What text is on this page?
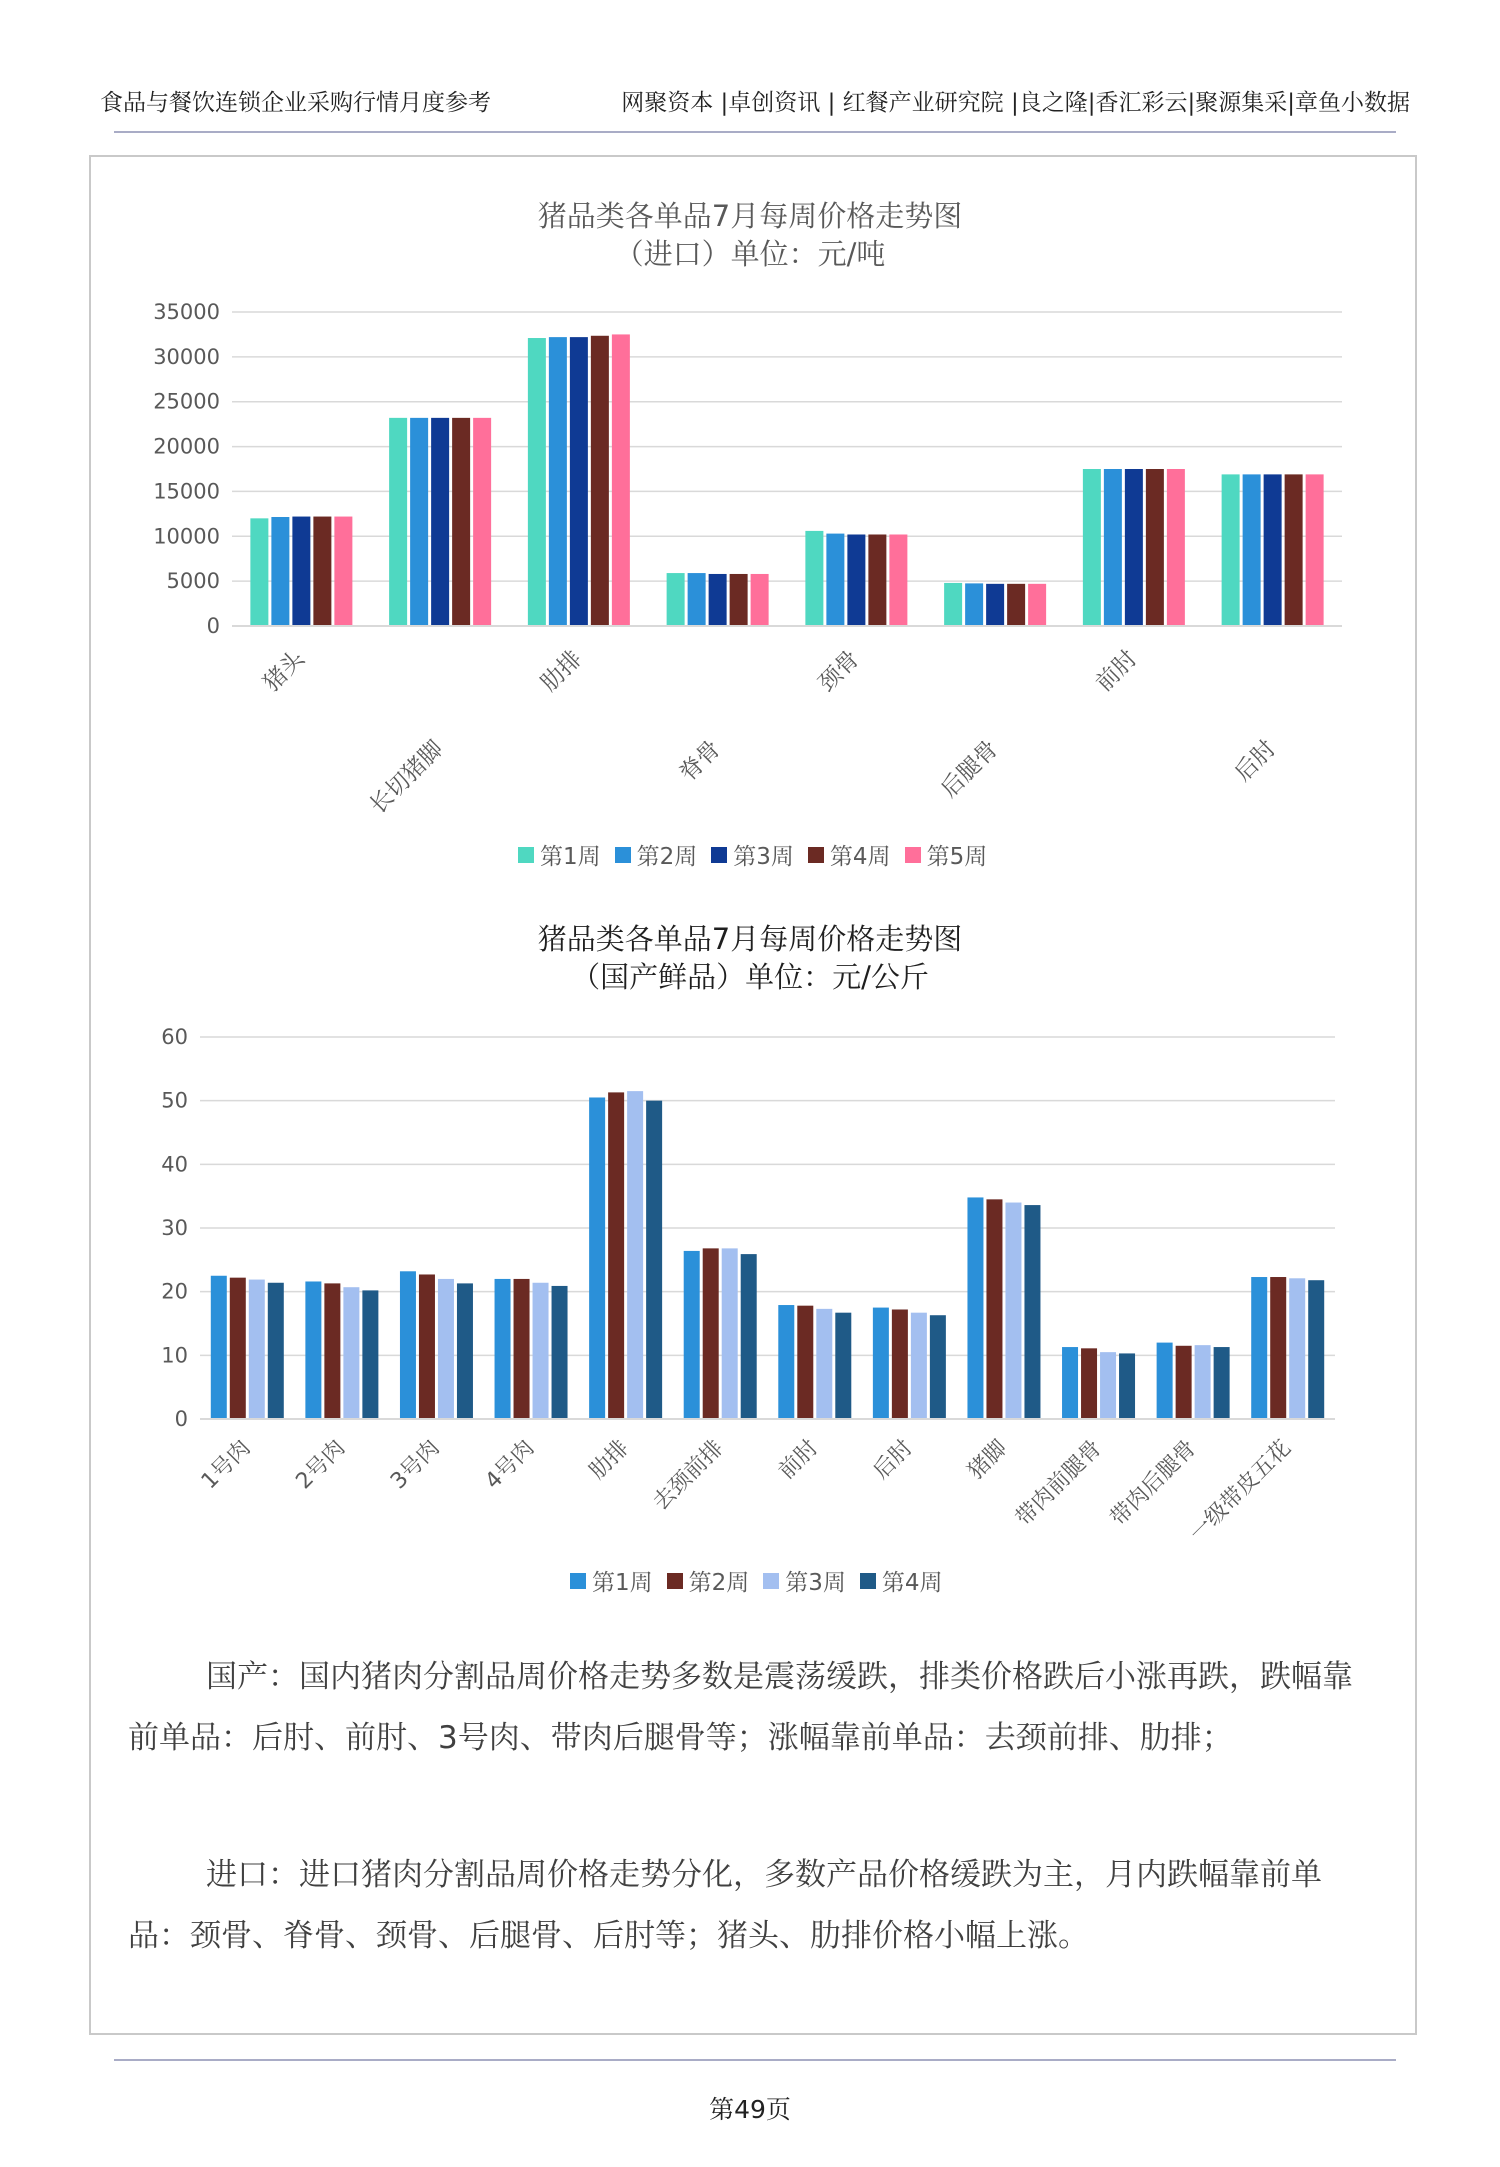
食品与餐饮连锁企业采购行情月度参考	网聚资本 |卓创资讯 | 红餐产业研究院 |良之隆|香汇彩云|聚源集采|章鱼小数据
猪品类各单品7月每周价格走势图
（进口）单位：元/吨
0
5000
10000
15000
20000
25000
30000
35000
猪头
长切猪脚
肋排
脊骨
颈骨
后腿骨
前肘
后肘
第1周 第2周 第3周 第4周 第5周
猪品类各单品7月每周价格走势图
（国产鲜品）单位：元/公斤
0
10
20
30
40
50
60
1号肉 2号肉 3号肉 4号肉 肋排 去颈前排 前肘 后肘 猪脚 带肉前腿骨 带肉后腿骨
一级带皮五花
第1周 第2周 第3周 第4周
国产：国内猪肉分割品周价格走势多数是震荡缓跌，排类价格跌后小涨再跌，跌幅靠前单品：后肘、前肘、3号肉、带肉后腿骨等；涨幅靠前单品：去颈前排、肋排；
进口：进口猪肉分割品周价格走势分化，多数产品价格缓跌为主，月内跌幅靠前单品：颈骨、脊骨、颈骨、后腿骨、后肘等；猪头、肋排价格小幅上涨。
第49页
